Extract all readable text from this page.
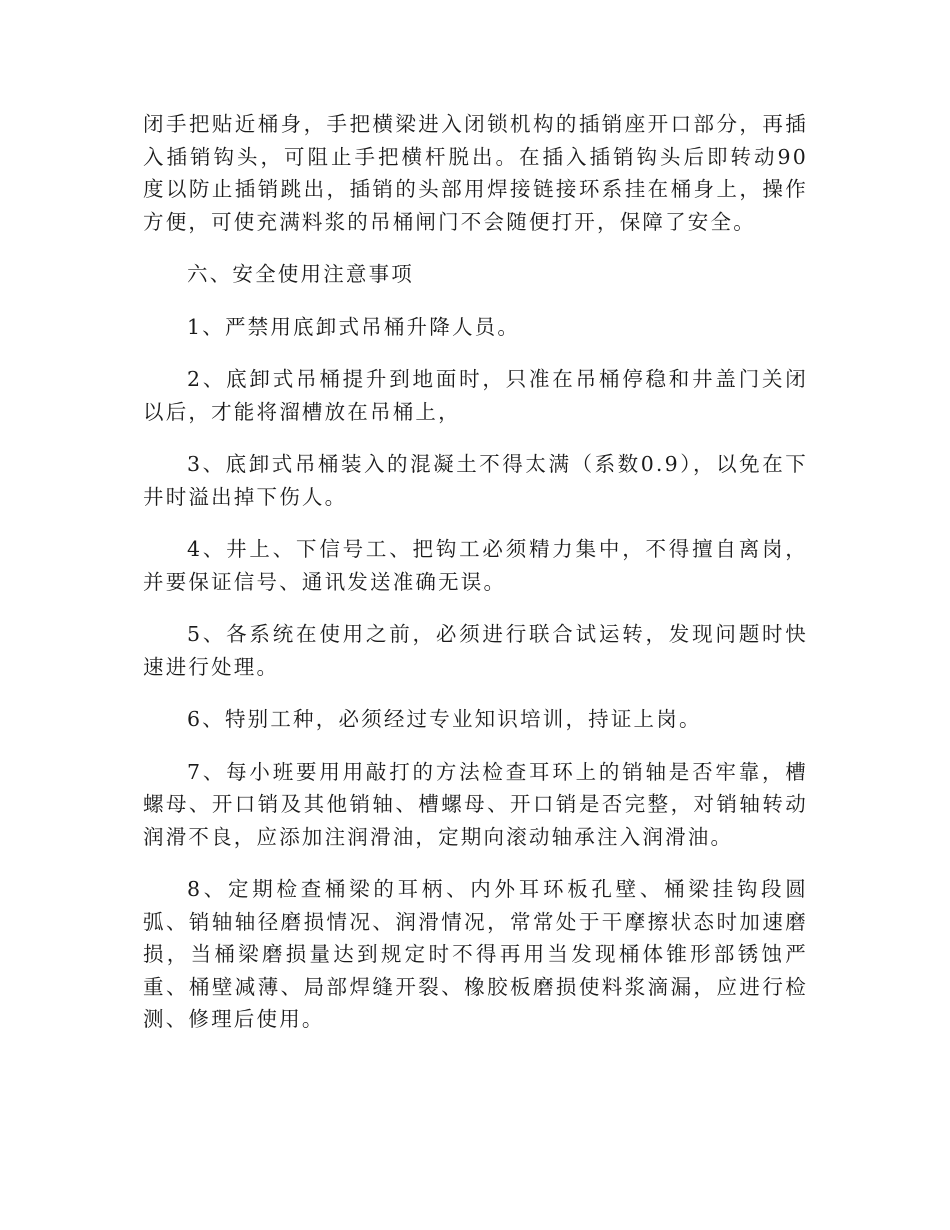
闭手把贴近桶身，手把横梁进入闭锁机构的插销座开口部分，再插入插销钩头，可阻止手把横杆脱出。在插入插销钩头后即转动90度以防止插销跳出，插销的头部用焊接链接环系挂在桶身上，操作方便，可使充满料浆的吊桶闸门不会随便打开，保障了安全。

六、安全使用注意事项

1、严禁用底卸式吊桶升降人员。

2、底卸式吊桶提升到地面时，只准在吊桶停稳和井盖门关闭以后，才能将溜槽放在吊桶上，

3、底卸式吊桶装入的混凝土不得太满（系数0.9），以免在下井时溢出掉下伤人。

4、井上、下信号工、把钩工必须精力集中，不得擅自离岗，并要保证信号、通讯发送准确无误。

5、各系统在使用之前，必须进行联合试运转，发现问题时快速进行处理。

6、特别工种，必须经过专业知识培训，持证上岗。

7、每小班要用用敲打的方法检查耳环上的销轴是否牢靠，槽螺母、开口销及其他销轴、槽螺母、开口销是否完整，对销轴转动润滑不良，应添加注润滑油，定期向滚动轴承注入润滑油。

8、定期检查桶梁的耳柄、内外耳环板孔壁、桶梁挂钩段圆弧、销轴轴径磨损情况、润滑情况，常常处于干摩擦状态时加速磨损，当桶梁磨损量达到规定时不得再用当发现桶体锥形部锈蚀严重、桶壁减薄、局部焊缝开裂、橡胶板磨损使料浆滴漏，应进行检测、修理后使用。
